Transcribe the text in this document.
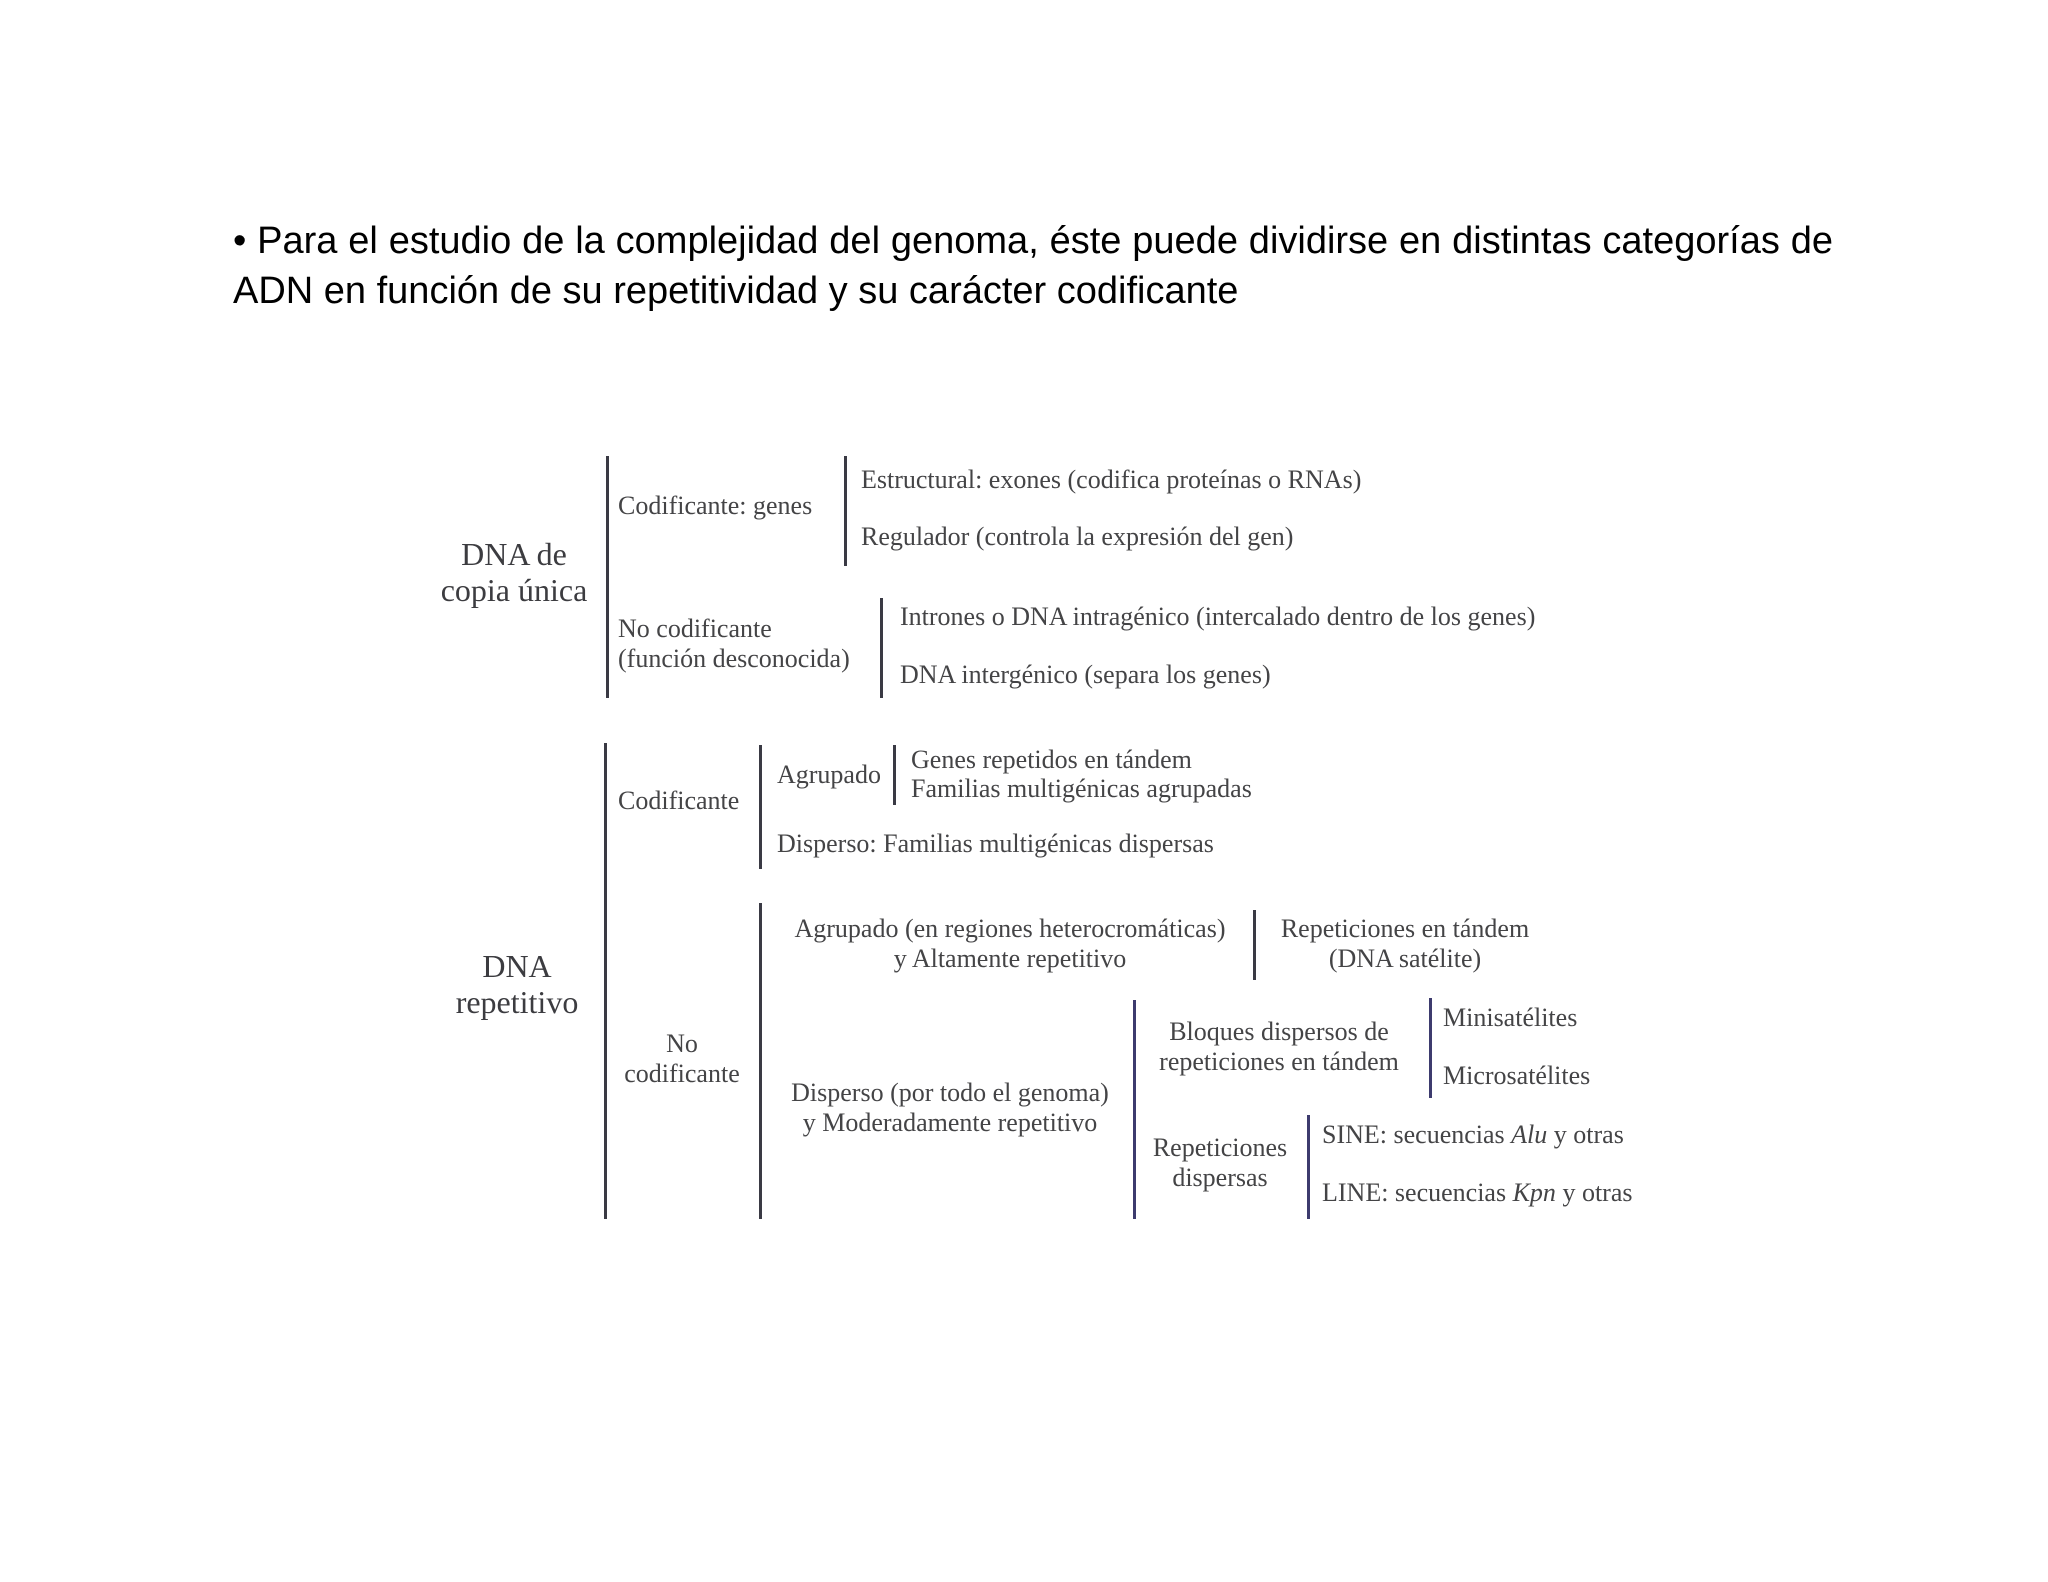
• Para el estudio de la complejidad del genoma, éste puede dividirse en distintas categorías de ADN en función de su repetitividad y su carácter codificante
DNA de
copia única
Codificante: genes
Estructural: exones (codifica proteínas o RNAs)
Regulador (controla la expresión del gen)
No codificante
(función desconocida)
Intrones o DNA intragénico (intercalado dentro de los genes)
DNA intergénico (separa los genes)
DNA
repetitivo
Codificante
Agrupado
Genes repetidos en tándem
Familias multigénicas agrupadas
Disperso: Familias multigénicas dispersas
No
codificante
Agrupado (en regiones heterocromáticas)
y Altamente repetitivo
Repeticiones en tándem
(DNA satélite)
Disperso (por todo el genoma)
y Moderadamente repetitivo
Bloques dispersos de
repeticiones en tándem
Minisatélites
Microsatélites
Repeticiones
dispersas
SINE: secuencias Alu y otras
LINE: secuencias Kpn y otras
